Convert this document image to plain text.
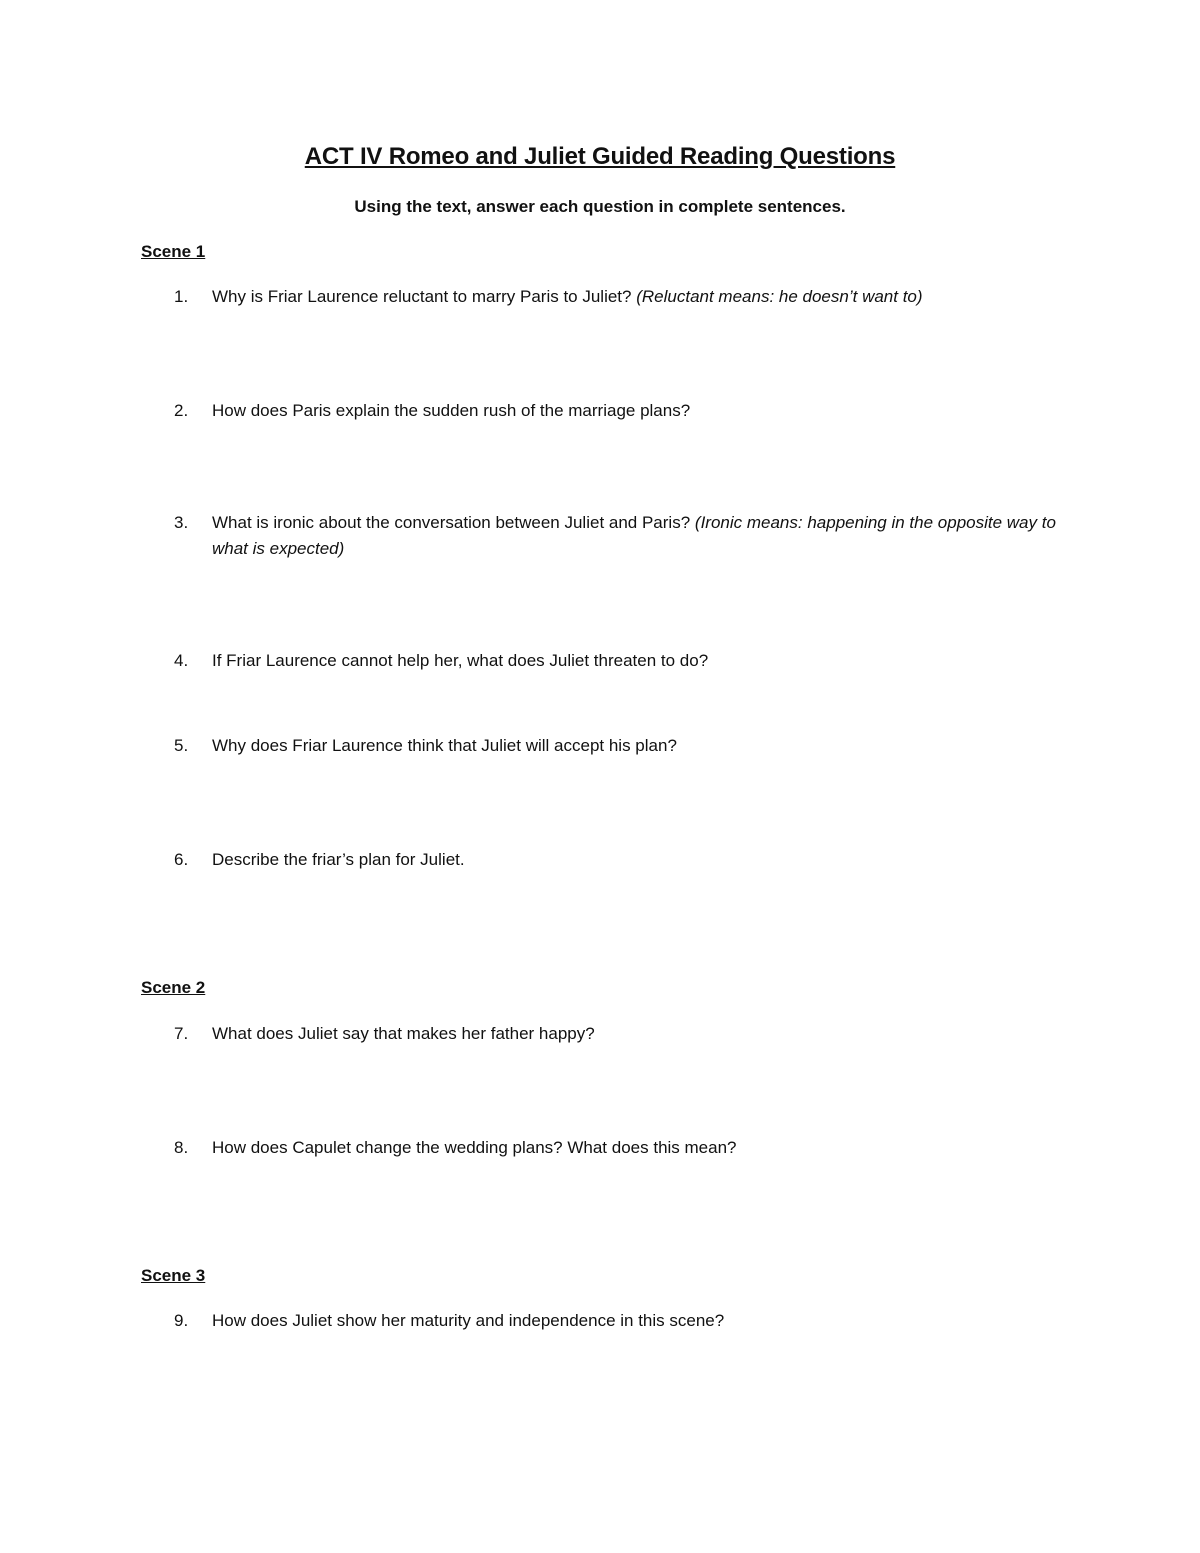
ACT IV Romeo and Juliet Guided Reading Questions
Using the text, answer each question in complete sentences.
Scene 1
1.	Why is Friar Laurence reluctant to marry Paris to Juliet? (Reluctant means: he doesn’t want to)
2.	How does Paris explain the sudden rush of the marriage plans?
3.	What is ironic about the conversation between Juliet and Paris? (Ironic means: happening in the opposite way to what is expected)
4.	If Friar Laurence cannot help her, what does Juliet threaten to do?
5.	Why does Friar Laurence think that Juliet will accept his plan?
6.	Describe the friar’s plan for Juliet.
Scene 2
7.	What does Juliet say that makes her father happy?
8.	How does Capulet change the wedding plans? What does this mean?
Scene 3
9.	How does Juliet show her maturity and independence in this scene?
